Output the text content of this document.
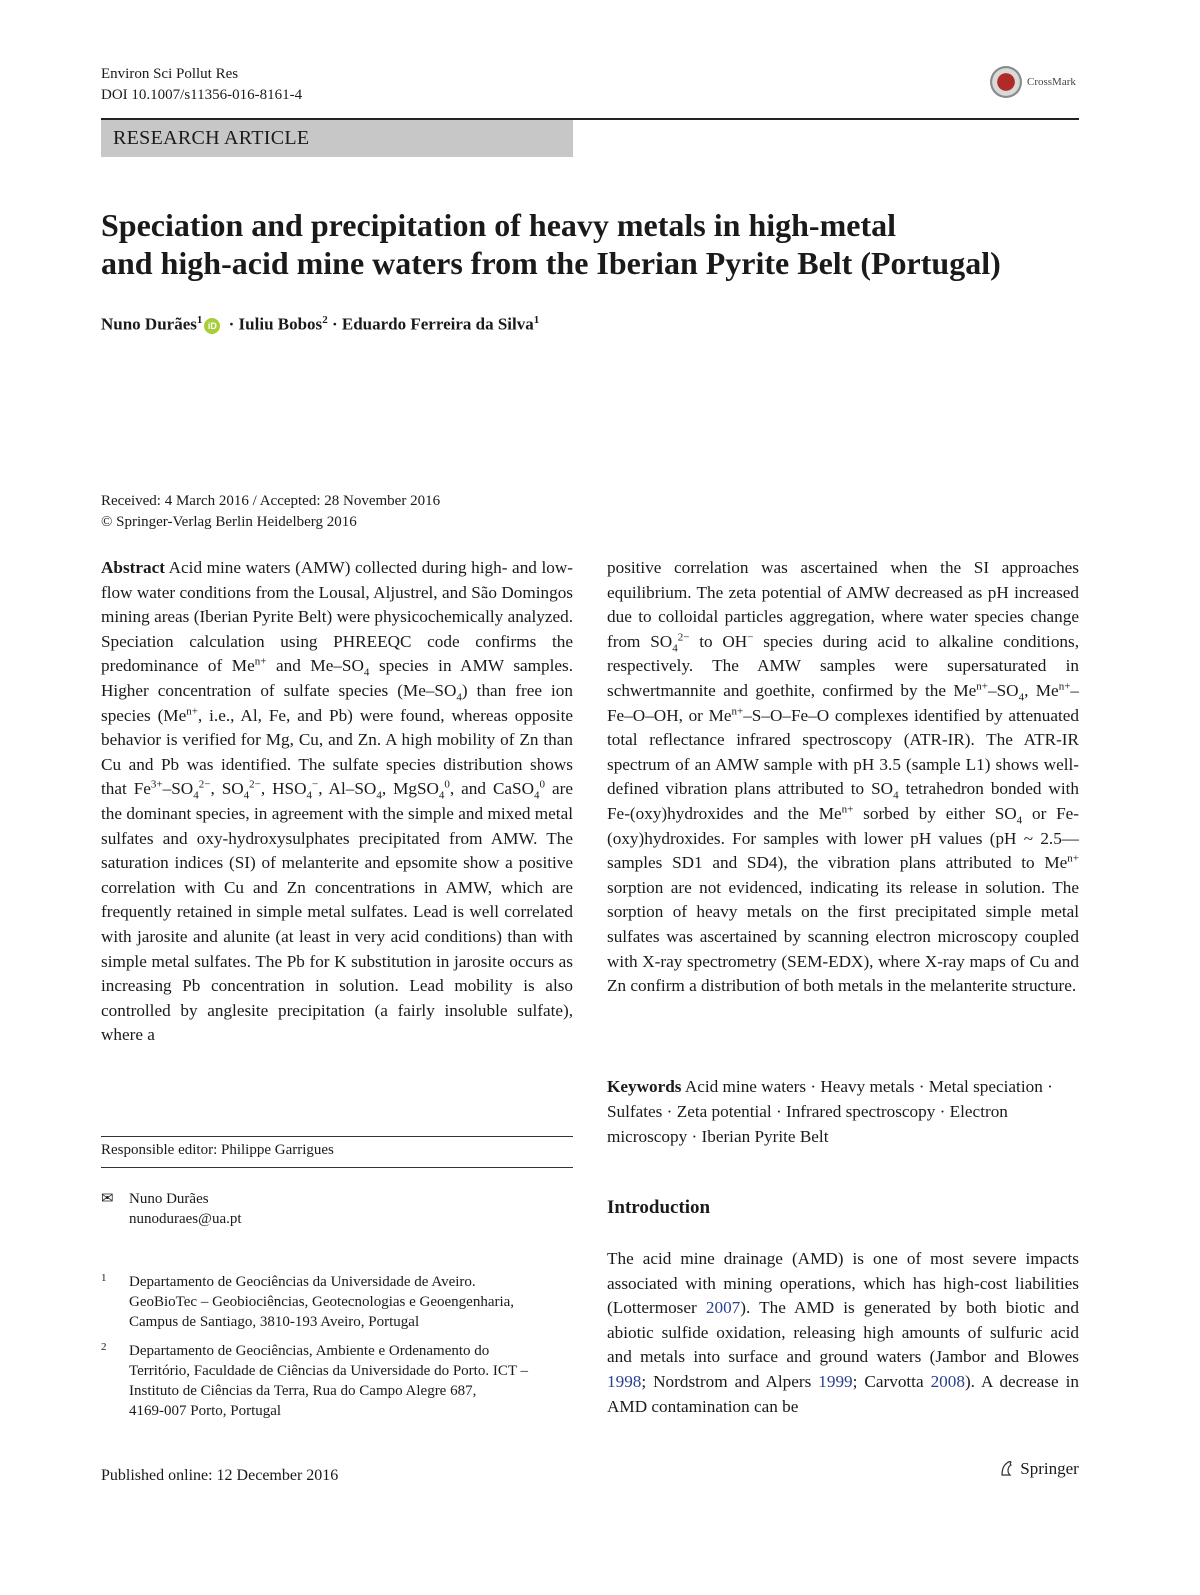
Environ Sci Pollut Res
DOI 10.1007/s11356-016-8161-4
CrossMark
RESEARCH ARTICLE
Speciation and precipitation of heavy metals in high-metal
and high-acid mine waters from the Iberian Pyrite Belt (Portugal)
Nuno Durães$^1$ iD · Iuliu Bobos$^2$ · Eduardo Ferreira da Silva$^1$
Received: 4 March 2016 / Accepted: 28 November 2016
© Springer-Verlag Berlin Heidelberg 2016

Abstract Acid mine waters (AMW) collected during high- and low-flow water conditions from the Lousal, Aljustrel, and São Domingos mining areas (Iberian Pyrite Belt) were physicochemically analyzed. Speciation calculation using PHREEQC code confirms the predominance of $Me^{n+}$ and $Me-SO_4$ species in AMW samples. Higher concentration of sulfate species $(Me-SO_4)$ than free ion species ($Me^{n+}$, i.e., Al, Fe, and Pb) were found, whereas opposite behavior is verified for Mg, Cu, and Zn. A high mobility of Zn than Cu and Pb was identified. The sulfate species distribution shows that $Fe^{3+}-SO_4^{2-}$, $SO_4^{2-}$, $HSO_4^-$, $Al-SO_4$, MgSO$_4^0$, and CaSO$_4^0$ are the dominant species, in agreement with the simple and mixed metal sulfates and oxy-hydroxysulphates precipitated from AMW. The saturation indices (SI) of melanterite and epsomite show a positive correlation with Cu and Zn concentrations in AMW, which are frequently retained in simple metal sulfates. Lead is well correlated with jarosite and alunite (at least in very acid conditions) than with simple metal sulfates. The Pb for K substitution in jarosite occurs as increasing Pb concentration in solution. Lead mobility is also controlled by anglesite precipitation (a fairly insoluble sulfate), where a

positive correlation was ascertained when the SI approaches equilibrium. The zeta potential of AMW decreased as pH increased due to colloidal particles aggregation, where water species change from $SO_4^{2-}$ to OH− species during acid to alkaline conditions, respectively. The AMW samples were supersaturated in schwertmannite and goethite, confirmed by the $Me^{n+}-SO_4$, $Me^{n+}-Fe-O-OH$, or $Me^{n+}-S-O-Fe-O$ complexes identified by attenuated total reflectance infrared spectroscopy (ATR-IR). The ATR-IR spectrum of an AMW sample with pH 3.5 (sample L1) shows well-defined vibration plans attributed to $SO_4$ tetrahedron bonded with Fe-(oxy)hydroxides and the $Me^{n+}$ sorbed by either $SO_4$ or Fe-(oxy)hydroxides. For samples with lower pH values (pH ~ 2.5—samples SD1 and SD4), the vibration plans attributed to $Me^{n+}$ sorption are not evidenced, indicating its release in solution. The sorption of heavy metals on the first precipitated simple metal sulfates was ascertained by scanning electron microscopy coupled with X-ray spectrometry (SEM-EDX), where X-ray maps of Cu and Zn confirm a distribution of both metals in the melanterite structure.

Keywords Acid mine waters · Heavy metals · Metal speciation · Sulfates · Zeta potential · Infrared spectroscopy · Electron microscopy · Iberian Pyrite Belt
Introduction

The acid mine drainage (AMD) is one of most severe impacts associated with mining operations, which has high-cost liabilities (Lottermoser 2007). The AMD is generated by both biotic and abiotic sulfide oxidation, releasing high amounts of sulfuric acid and metals into surface and ground waters (Jambor and Blowes 1998; Nordstrom and Alpers 1999; Carvotta 2008). A decrease in AMD contamination can be

Responsible editor: Philippe Garrigues
✉ Nuno Durães
nunoduraes@ua.pt
1 Departamento de Geociências da Universidade de Aveiro.
GeoBioTec – Geobiociências, Geotecnologias e Geoengenharia,
Campus de Santiago, 3810-193 Aveiro, Portugal
2 Departamento de Geociências, Ambiente e Ordenamento do
Território, Faculdade de Ciências da Universidade do Porto. ICT –
Instituto de Ciências da Terra, Rua do Campo Alegre 687,
4169-007 Porto, Portugal
Published online: 12 December 2016	Springer
